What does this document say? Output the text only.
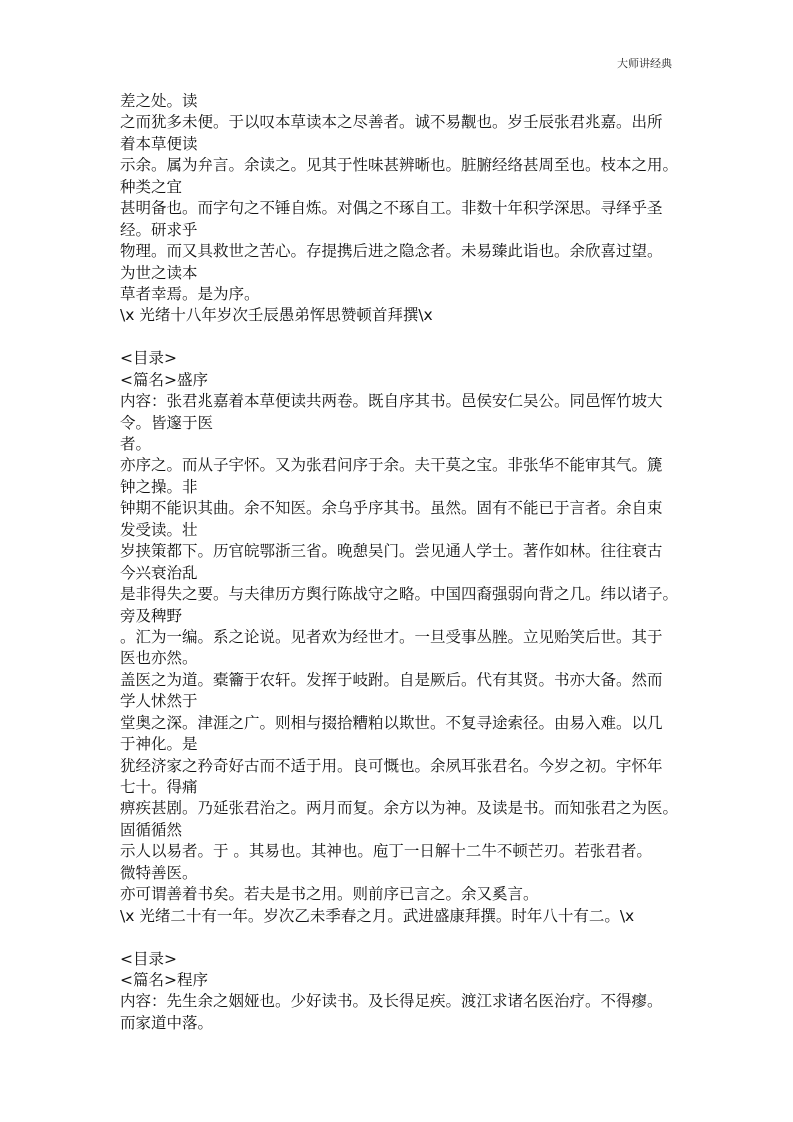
大师讲经典
差之处。读
之而犹多未便。于以叹本草读本之尽善者。诚不易觏也。岁壬辰张君兆嘉。出所
着本草便读
示余。属为弁言。余读之。见其于性味甚辨晰也。脏腑经络甚周至也。枝本之用。
种类之宜
甚明备也。而字句之不锤自炼。对偶之不琢自工。非数十年积学深思。寻绎乎圣
经。研求乎
物理。而又具救世之苦心。存提携后进之隐念者。未易臻此诣也。余欣喜过望。
为世之读本
草者幸焉。是为序。
\x 光绪十八年岁次壬辰愚弟恽思赞顿首拜撰\x
<目录>
<篇名>盛序
内容：张君兆嘉着本草便读共两卷。既自序其书。邑侯安仁吴公。同邑恽竹坡大
令。皆邃于医
者。
亦序之。而从子宇怀。又为张君问序于余。夫干莫之宝。非张华不能审其气。篪
钟之操。非
钟期不能识其曲。余不知医。余乌乎序其书。虽然。固有不能已于言者。余自束
发受读。壮
岁挟策都下。历官皖鄂浙三省。晚憩吴门。尝见通人学士。著作如林。往往衰古
今兴衰治乱
是非得失之要。与夫律历方舆行陈战守之略。中国四裔强弱向背之几。纬以诸子。
旁及稗野
。汇为一编。系之论说。见者欢为经世才。一旦受事丛脞。立见贻笑后世。其于
医也亦然。
盖医之为道。橐籥于农轩。发挥于岐跗。自是厥后。代有其贤。书亦大备。然而
学人怵然于
堂奥之深。津涯之广。则相与掇拾糟粕以欺世。不复寻途索径。由易入难。以几
于神化。是
犹经济家之矜奇好古而不适于用。良可慨也。余夙耳张君名。今岁之初。宇怀年
七十。得痛
痹疾甚剧。乃延张君治之。两月而复。余方以为神。及读是书。而知张君之为医。
固循循然
示人以易者。于 。其易也。其神也。庖丁一日解十二牛不顿芒刃。若张君者。
微特善医。
亦可谓善着书矣。若夫是书之用。则前序已言之。余又奚言。
\x 光绪二十有一年。岁次乙未季春之月。武进盛康拜撰。时年八十有二。\x
<目录>
<篇名>程序
内容：先生余之姻娅也。少好读书。及长得足疾。渡江求诸名医治疗。不得瘳。
而家道中落。
